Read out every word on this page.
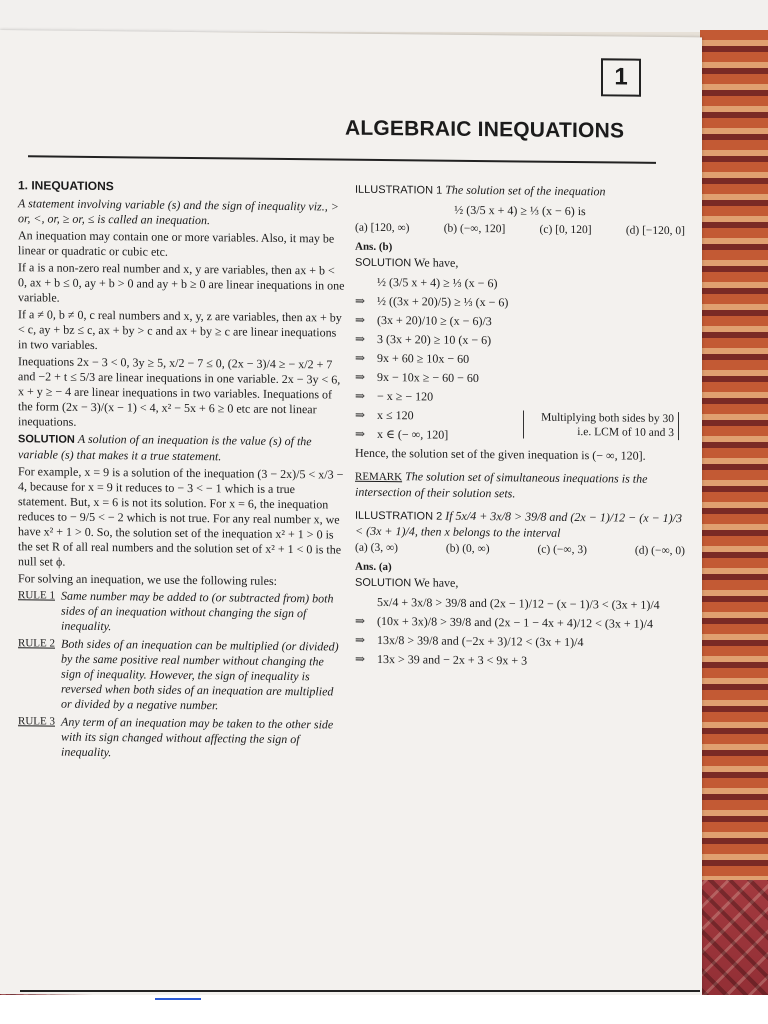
1
ALGEBRAIC INEQUATIONS
1. INEQUATIONS

A statement involving variable (s) and the sign of inequality viz., > or, <, or, ≥ or, ≤ is called an inequation.

An inequation may contain one or more variables. Also, it may be linear or quadratic or cubic etc.

If a is a non-zero real number and x, y are variables, then ax + b < 0, ax + b ≤ 0, ay + b > 0 and ay + b ≥ 0 are linear inequations in one variable.

If a ≠ 0, b ≠ 0, c real numbers and x, y, z are variables, then ax + by < c, ay + bz ≤ c, ax + by > c and ax + by ≥ c are linear inequations in two variables.

Inequations 2x − 3 < 0, 3y ≥ 5, x/2 − 7 ≤ 0, (2x − 3)/4 ≥ − x/2 + 7 and −2 + t ≤ 5/3 are linear inequations in one variable. 2x − 3y < 6, x + y ≥ − 4 are linear inequations in two variables. Inequations of the form (2x − 3)/(x − 1) < 4, x² − 5x + 6 ≥ 0 etc are not linear inequations.

SOLUTION A solution of an inequation is the value (s) of the variable (s) that makes it a true statement.

For example, x = 9 is a solution of the inequation (3 − 2x)/5 < x/3 − 4, because for x = 9 it reduces to − 3 < − 1 which is a true statement. But, x = 6 is not its solution. For x = 6, the inequation reduces to − 9/5 < − 2 which is not true. For any real number x, we have x² + 1 > 0. So, the solution set of the inequation x² + 1 > 0 is the set R of all real numbers and the solution set of x² + 1 < 0 is the null set ϕ.

For solving an inequation, we use the following rules:

RULE 1 Same number may be added to (or subtracted from) both sides of an inequation without changing the sign of inequality.
RULE 2 Both sides of an inequation can be multiplied (or divided) by the same positive real number without changing the sign of inequality. However, the sign of inequality is reversed when both sides of an inequation are multiplied or divided by a negative number.
RULE 3 Any term of an inequation may be taken to the other side with its sign changed without affecting the sign of inequality.

ILLUSTRATION 1 The solution set of the inequation

½ (3/5 x + 4) ≥ ⅓ (x − 6) is
(a) [120, ∞)	(b) (−∞, 120]	(c) [0, 120]	(d) [−120, 0]
Ans. (b)
SOLUTION We have,
½ (3/5 x + 4) ≥ ⅓ (x − 6)
⇒ ½ ((3x + 20)/5) ≥ ⅓ (x − 6)
⇒ (3x + 20)/10 ≥ (x − 6)/3
⇒ 3 (3x + 20) ≥ 10 (x − 6)
⇒ 9x + 60 ≥ 10x − 60
⇒ 9x − 10x ≥ − 60 − 60
⇒ − x ≥ − 120
⇒ x ≤ 120
⇒ x ∈ (− ∞, 120]
Multiplying both sides by 30 i.e. LCM of 10 and 3

Hence, the solution set of the given inequation is (− ∞, 120].

REMARK The solution set of simultaneous inequations is the intersection of their solution sets.

ILLUSTRATION 2 If 5x/4 + 3x/8 > 39/8 and (2x − 1)/12 − (x − 1)/3 < (3x + 1)/4, then x belongs to the interval

(a) (3, ∞)	(b) (0, ∞)	(c) (−∞, 3)	(d) (−∞, 0)
Ans. (a)
SOLUTION We have,
5x/4 + 3x/8 > 39/8 and (2x − 1)/12 − (x − 1)/3 < (3x + 1)/4
⇒ (10x + 3x)/8 > 39/8 and (2x − 1 − 4x + 4)/12 < (3x + 1)/4
⇒ 13x/8 > 39/8 and (−2x + 3)/12 < (3x + 1)/4
⇒ 13x > 39 and − 2x + 3 < 9x + 3
